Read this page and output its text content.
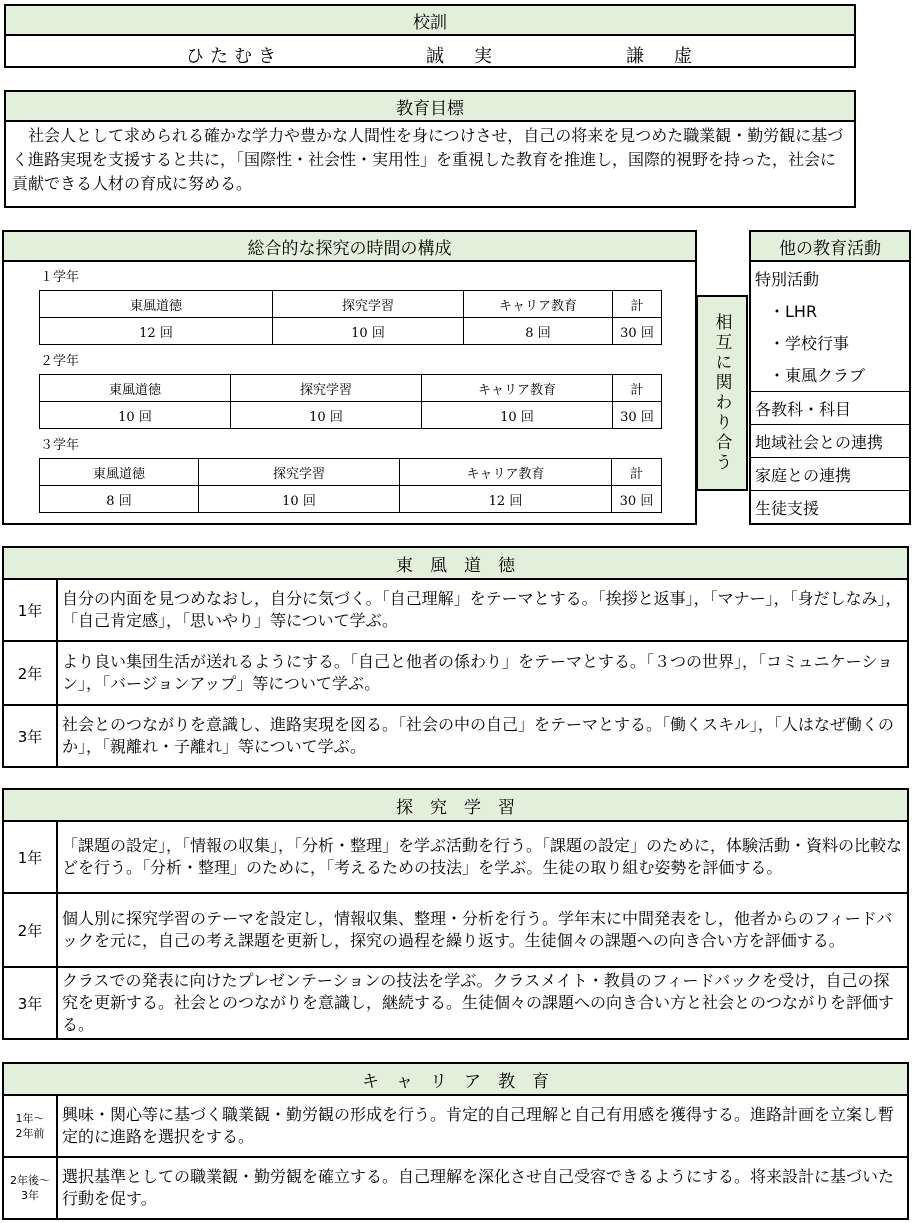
校訓
ひたむき	誠　実	謙　虚
教育目標
　社会人として求められる確かな学力や豊かな人間性を身につけさせ，自己の将来を見つめた職業観・勤労観に基づく進路実現を支援すると共に，「国際性・社会性・実用性」を重視した教育を推進し，国際的視野を持った，社会に貢献できる人材の育成に努める。
総合的な探究の時間の構成
１学年
東風道徳	探究学習	キャリア教育	計
12 回	10 回	8 回	30 回
２学年
東風道徳	探究学習	キャリア教育	計
10 回	10 回	10 回	30 回
３学年
東風道徳	探究学習	キャリア教育	計
8 回	10 回	12 回	30 回
相互に関わり合う
他の教育活動
特別活動
・LHR
・学校行事
・東風クラブ
各教科・科目
地域社会との連携
家庭との連携
生徒支援
東　風　道　徳
1年	自分の内面を見つめなおし，自分に気づく。「自己理解」をテーマとする。「挨拶と返事」，「マナー」，「身だしなみ」，「自己肯定感」，「思いやり」等について学ぶ。
2年	より良い集団生活が送れるようにする。「自己と他者の係わり」をテーマとする。「３つの世界」，「コミュニケーション」，「バージョンアップ」等について学ぶ。
3年	社会とのつながりを意識し、進路実現を図る。「社会の中の自己」をテーマとする。「働くスキル」，「人はなぜ働くのか」，「親離れ・子離れ」等について学ぶ。
探　究　学　習
1年	「課題の設定」，「情報の収集」，「分析・整理」を学ぶ活動を行う。「課題の設定」のために，体験活動・資料の比較などを行う。「分析・整理」のために，「考えるための技法」を学ぶ。生徒の取り組む姿勢を評価する。
2年	個人別に探究学習のテーマを設定し，情報収集、整理・分析を行う。学年末に中間発表をし，他者からのフィードバックを元に，自己の考え課題を更新し，探究の過程を繰り返す。生徒個々の課題への向き合い方を評価する。
3年	クラスでの発表に向けたプレゼンテーションの技法を学ぶ。クラスメイト・教員のフィードバックを受け，自己の探究を更新する。社会とのつながりを意識し，継続する。生徒個々の課題への向き合い方と社会とのつながりを評価する。
キ　ャ　リ　ア　教　育
1年～
2年前	興味・関心等に基づく職業観・勤労観の形成を行う。肯定的自己理解と自己有用感を獲得する。進路計画を立案し暫定的に進路を選択をする。

2年後～
3年	選択基準としての職業観・勤労観を確立する。自己理解を深化させ自己受容できるようにする。将来設計に基づいた行動を促す。
